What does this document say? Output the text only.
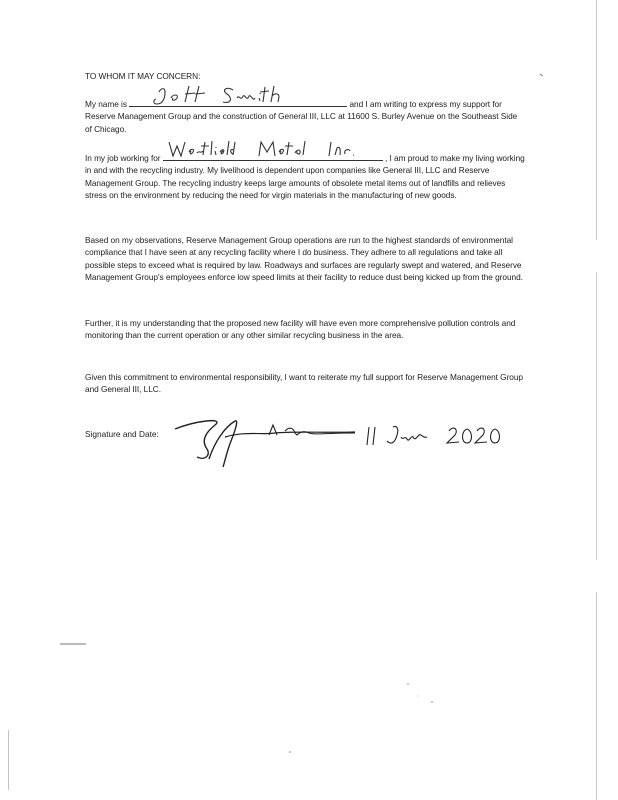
TO WHOM IT MAY CONCERN:
My name is	and I am writing to express my support for Reserve Management Group and the construction of General III, LLC at 11600 S. Burley Avenue on the Southeast Side of Chicago.
In my job working for	, I am proud to make my living working in and with the recycling industry. My livelihood is dependent upon companies like General III, LLC and Reserve Management Group. The recycling industry keeps large amounts of obsolete metal items out of landfills and relieves stress on the environment by reducing the need for virgin materials in the manufacturing of new goods.
Based on my observations, Reserve Management Group operations are run to the highest standards of environmental compliance that I have seen at any recycling facility where I do business. They adhere to all regulations and take all possible steps to exceed what is required by law. Roadways and surfaces are regularly swept and watered, and Reserve Management Group's employees enforce low speed limits at their facility to reduce dust being kicked up from the ground.
Further, it is my understanding that the proposed new facility will have even more comprehensive pollution controls and monitoring than the current operation or any other similar recycling business in the area.
Given this commitment to environmental responsibility, I want to reiterate my full support for Reserve Management Group and General III, LLC.
Signature and Date:
